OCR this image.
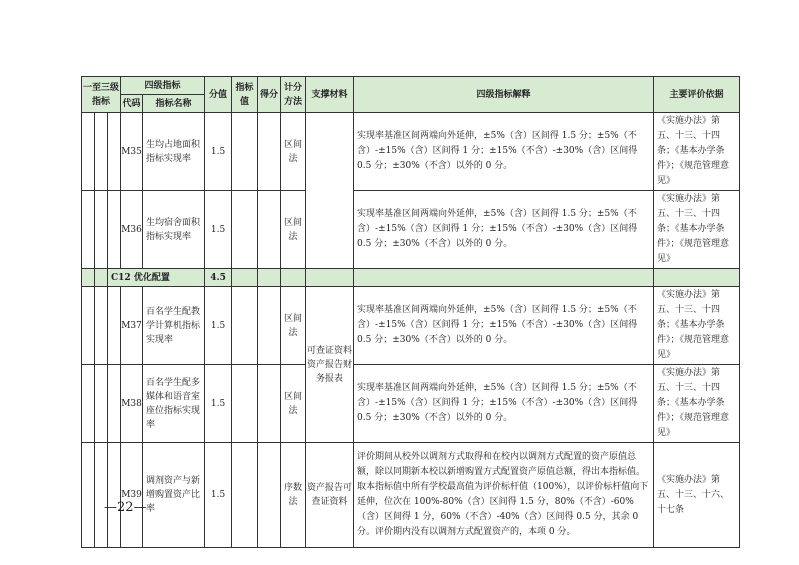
一至三级指标			四级指标		分值	指标值	得分	计分方法	支撑材料	四级指标解释	主要评价依据
			代码	指标名称							
			M35	生均占地面积指标实现率	1.5			区间法		实现率基准区间两端向外延伸，±5%（含）区间得 1.5 分；±5%（不含）-±15%（含）区间得 1 分；±15%（不含）-±30%（含）区间得 0.5 分；±30%（不含）以外的 0 分。	《实施办法》第五、十三、十四条；《基本办学条件》；《规范管理意见》
			M36	生均宿舍面积指标实现率	1.5			区间法		实现率基准区间两端向外延伸，±5%（含）区间得 1.5 分；±5%（不含）-±15%（含）区间得 1 分；±15%（不含）-±30%（含）区间得 0.5 分；±30%（不含）以外的 0 分。	《实施办法》第五、十三、十四条；《基本办学条件》；《规范管理意见》
		C12 优化配置			4.5						
			M37	百名学生配教学计算机指标实现率	1.5			区间法	可查证资料资产报告财务报表	实现率基准区间两端向外延伸，±5%（含）区间得 1.5 分；±5%（不含）-±15%（含）区间得 1 分；±15%（不含）-±30%（含）区间得 0.5 分；±30%（不含）以外的 0 分。	《实施办法》第五、十三、十四条；《基本办学条件》；《规范管理意见》
			M38	百名学生配多媒体和语音室座位指标实现率	1.5			区间法		实现率基准区间两端向外延伸，±5%（含）区间得 1.5 分；±5%（不含）-±15%（含）区间得 1 分；±15%（不含）-±30%（含）区间得 0.5 分；±30%（不含）以外的 0 分。	《实施办法》第五、十三、十四条；《基本办学条件》；《规范管理意见》
			M39	调剂资产与新增购置资产比率	1.5			序数法	资产报告可查证资料	评价期间从校外以调剂方式取得和在校内以调剂方式配置的资产原值总额，除以同期新本校以新增购置方式配置资产原值总额，得出本指标值。取本指标值中所有学校最高值为评价标杆值（100%），以评价标杆值向下延伸，位次在 100%-80%（含）区间得 1.5 分，80%（不含）-60%（含）区间得 1 分，60%（不含）-40%（含）区间得 0.5 分，其余 0 分。评价期内没有以调剂方式配置资产的，本项 0 分。	《实施办法》第五、十三、十六、十七条
—22—
